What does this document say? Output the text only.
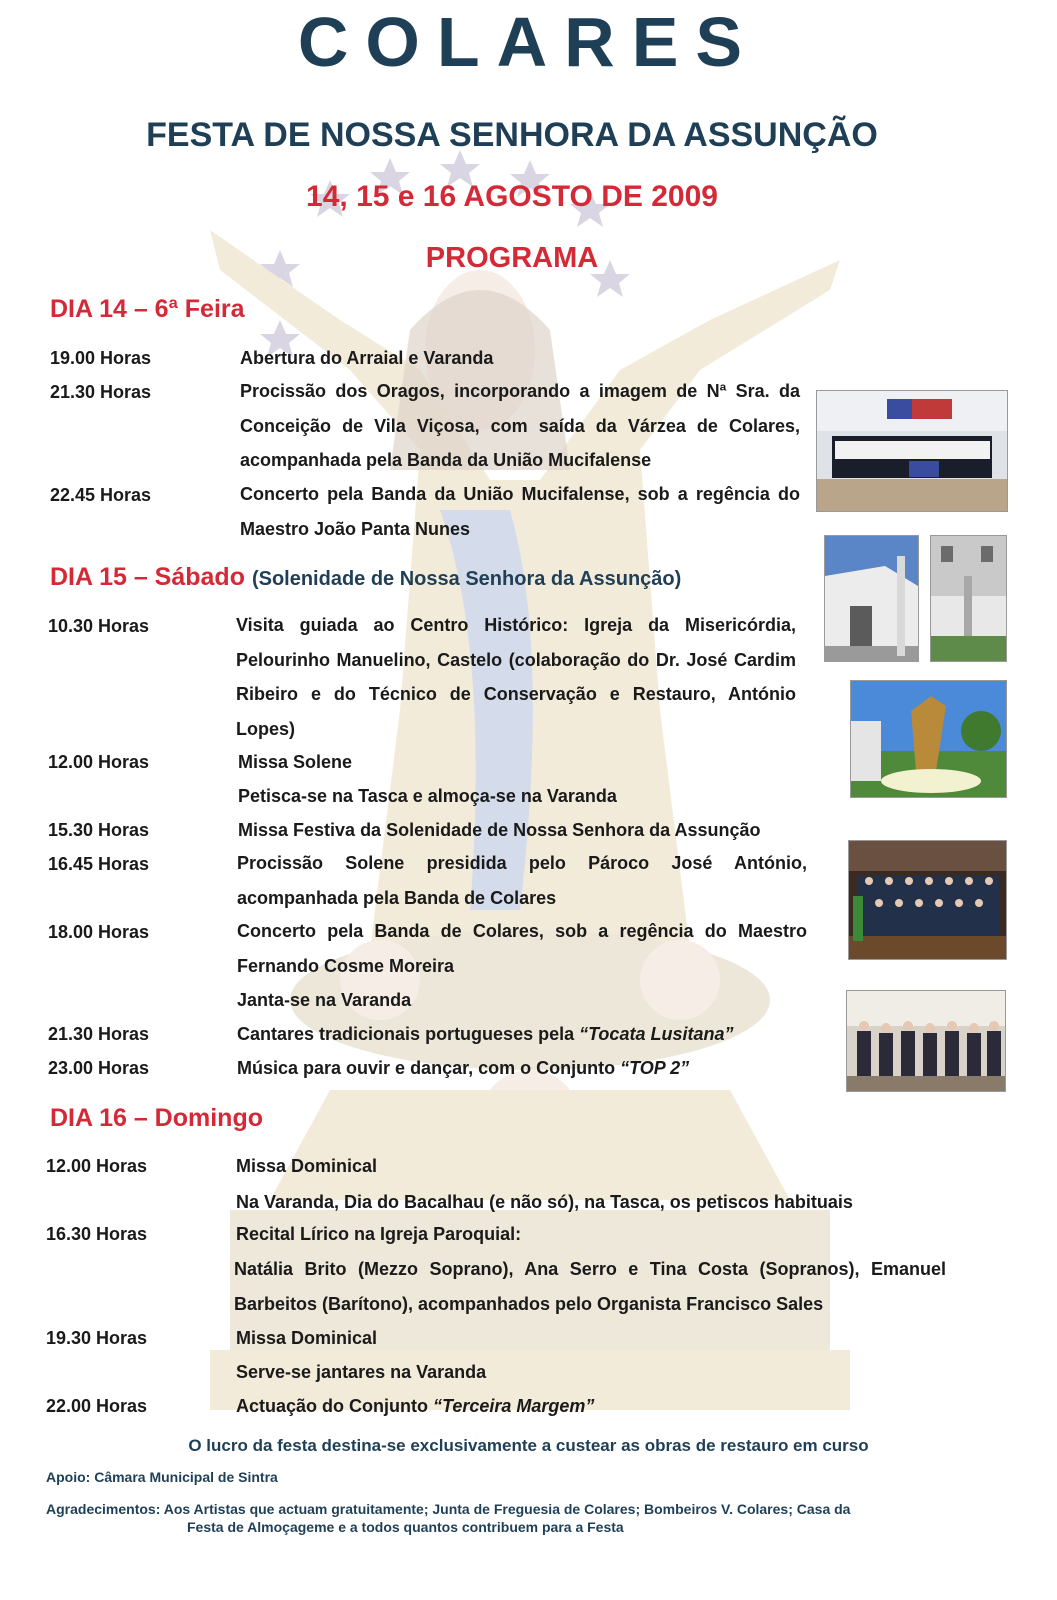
COLARES
FESTA DE NOSSA SENHORA DA ASSUNÇÃO
14, 15 e 16 AGOSTO DE 2009
PROGRAMA
DIA 14 – 6ª Feira
19.00 Horas	Abertura do Arraial e Varanda
21.30 Horas	Procissão dos Oragos, incorporando a imagem de Nª Sra. da Conceição de Vila Viçosa, com saída da Várzea de Colares, acompanhada pela Banda da União Mucifalense
22.45 Horas	Concerto pela Banda da União Mucifalense, sob a regência do Maestro João Panta Nunes
DIA 15 – Sábado (Solenidade de Nossa Senhora da Assunção)
10.30 Horas	Visita guiada ao Centro Histórico: Igreja da Misericórdia, Pelourinho Manuelino, Castelo (colaboração do Dr. José Cardim Ribeiro e do Técnico de Conservação e Restauro, António Lopes)
12.00 Horas	Missa Solene
Petisca-se na Tasca e almoça-se na Varanda
15.30 Horas	Missa Festiva da Solenidade de Nossa Senhora da Assunção
16.45 Horas	Procissão Solene presidida pelo Pároco José António, acompanhada pela Banda de Colares
18.00 Horas	Concerto pela Banda de Colares, sob a regência do Maestro Fernando Cosme Moreira
Janta-se na Varanda
21.30 Horas	Cantares tradicionais portugueses pela “Tocata Lusitana”
23.00 Horas	Música para ouvir e dançar, com o Conjunto “TOP 2”
DIA 16 – Domingo
12.00 Horas	Missa Dominical
Na Varanda, Dia do Bacalhau (e não só), na Tasca, os petiscos habituais
16.30 Horas	Recital Lírico na Igreja Paroquial:
Natália Brito (Mezzo Soprano), Ana Serro e Tina Costa (Sopranos), Emanuel Barbeitos (Barítono), acompanhados pelo Organista Francisco Sales
19.30 Horas	Missa Dominical
Serve-se jantares na Varanda
22.00 Horas	Actuação do Conjunto “Terceira Margem”
O lucro da festa destina-se exclusivamente a custear as obras de restauro em curso
Apoio: Câmara Municipal de Sintra
Agradecimentos: Aos Artistas que actuam gratuitamente; Junta de Freguesia de Colares; Bombeiros V. Colares; Casa da
Festa de Almoçageme e a todos quantos contribuem para a Festa
